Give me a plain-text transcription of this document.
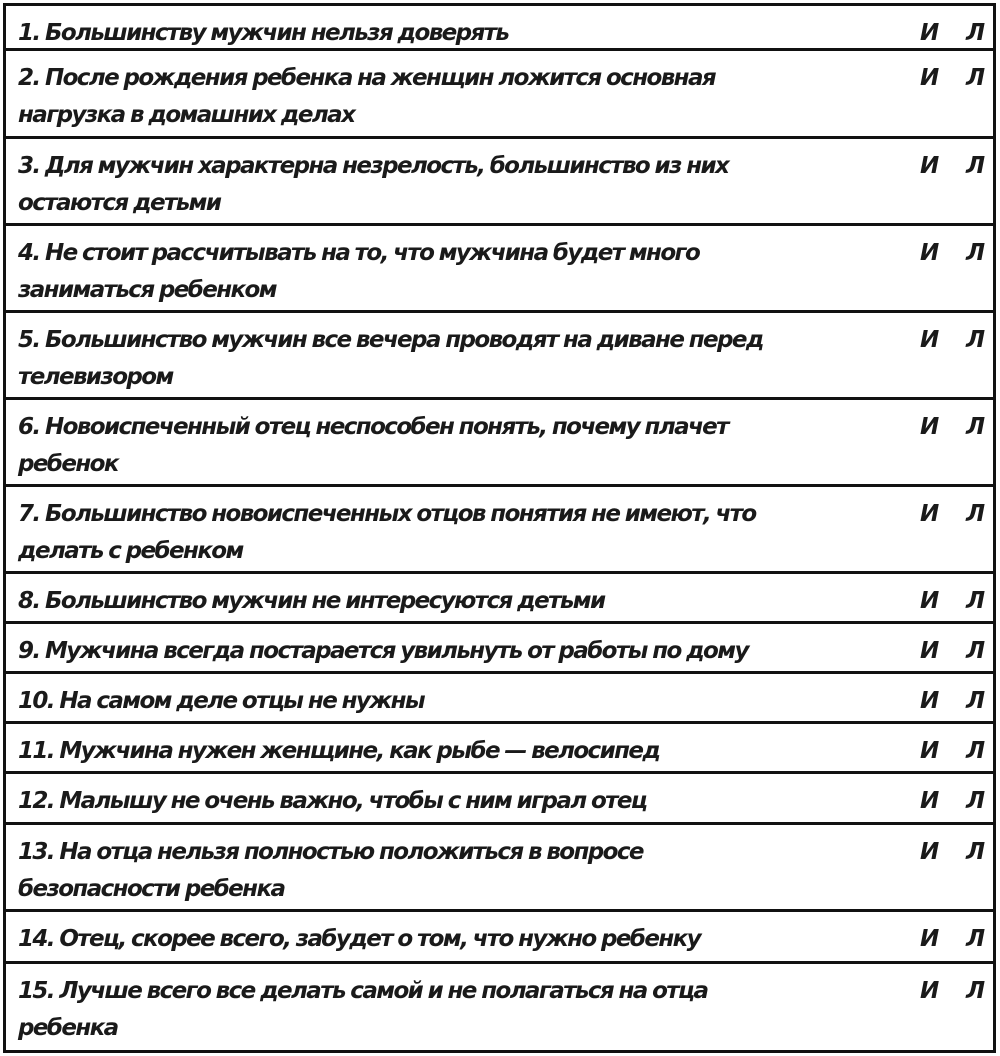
1. Большинству мужчин нельзя доверять	И Л
2. После рождения ребенка на женщин ложится основная
нагрузка в домашних делах
И Л
3. Для мужчин характерна незрелость, большинство из них
остаются детьми
И Л
4. Не стоит рассчитывать на то, что мужчина будет много
заниматься ребенком
И Л
5. Большинство мужчин все вечера проводят на диване перед
телевизором
И Л
6. Новоиспеченный отец неспособен понять, почему плачет
ребенок
И Л
7. Большинство новоиспеченных отцов понятия не имеют, что
делать с ребенком
И Л
8. Большинство мужчин не интересуются детьми	И Л
9. Мужчина всегда постарается увильнуть от работы по дому	И Л
10. На самом деле отцы не нужны	И Л
11. Мужчина нужен женщине, как рыбе — велосипед	И Л
12. Малышу не очень важно, чтобы с ним играл отец	И Л
13. На отца нельзя полностью положиться в вопросе
безопасности ребенка
И Л
14. Отец, скорее всего, забудет о том, что нужно ребенку	И Л
15. Лучше всего все делать самой и не полагаться на отца
ребенка
И Л
